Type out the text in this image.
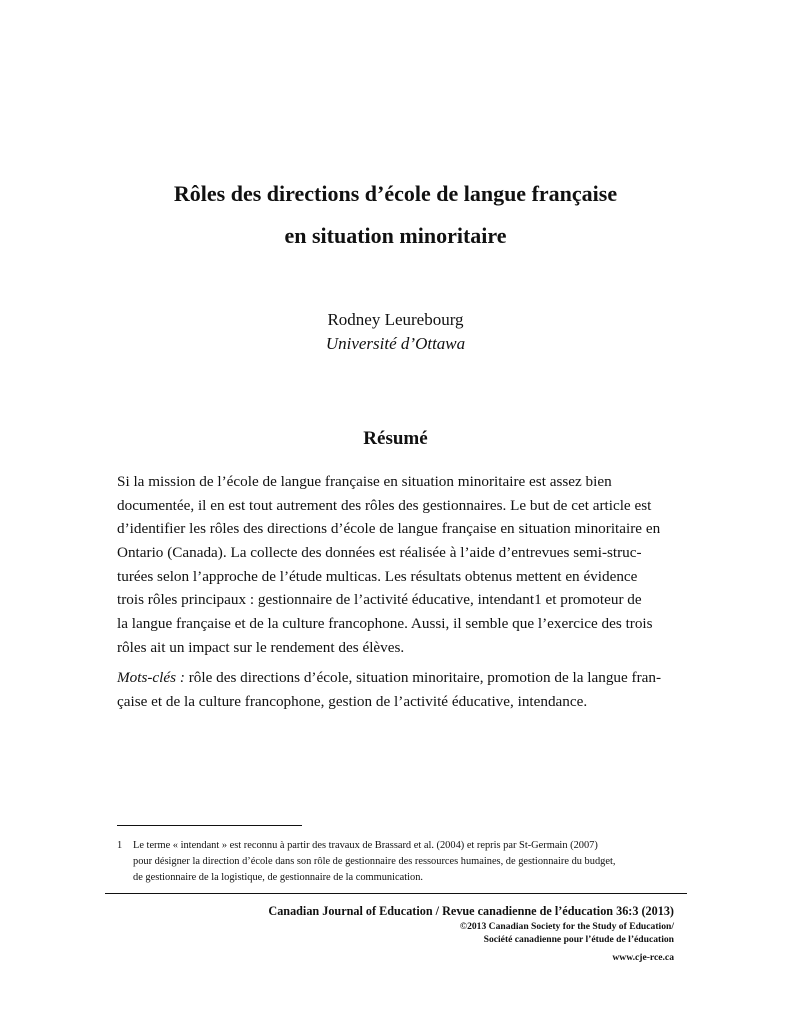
Rôles des directions d’école de langue française
en situation minoritaire
Rodney Leurebourg
Université d’Ottawa
Résumé

Si la mission de l’école de langue française en situation minoritaire est assez bien
documentée, il en est tout autrement des rôles des gestionnaires. Le but de cet article est
d’identifier les rôles des directions d’école de langue française en situation minoritaire en
Ontario (Canada). La collecte des données est réalisée à l’aide d’entrevues semi-struc-
turées selon l’approche de l’étude multicas. Les résultats obtenus mettent en évidence
trois rôles principaux : gestionnaire de l’activité éducative, intendant1 et promoteur de
la langue française et de la culture francophone. Aussi, il semble que l’exercice des trois
rôles ait un impact sur le rendement des élèves.

Mots-clés : rôle des directions d’école, situation minoritaire, promotion de la langue fran-
çaise et de la culture francophone, gestion de l’activité éducative, intendance.

1 Le terme « intendant » est reconnu à partir des travaux de Brassard et al. (2004) et repris par St-Germain (2007)
pour désigner la direction d’école dans son rôle de gestionnaire des ressources humaines, de gestionnaire du budget,
de gestionnaire de la logistique, de gestionnaire de la communication.
Canadian Journal of Education / Revue canadienne de l’éducation 36:3 (2013)
©2013 Canadian Society for the Study of Education/
Société canadienne pour l’étude de l’éducation
www.cje-rce.ca
